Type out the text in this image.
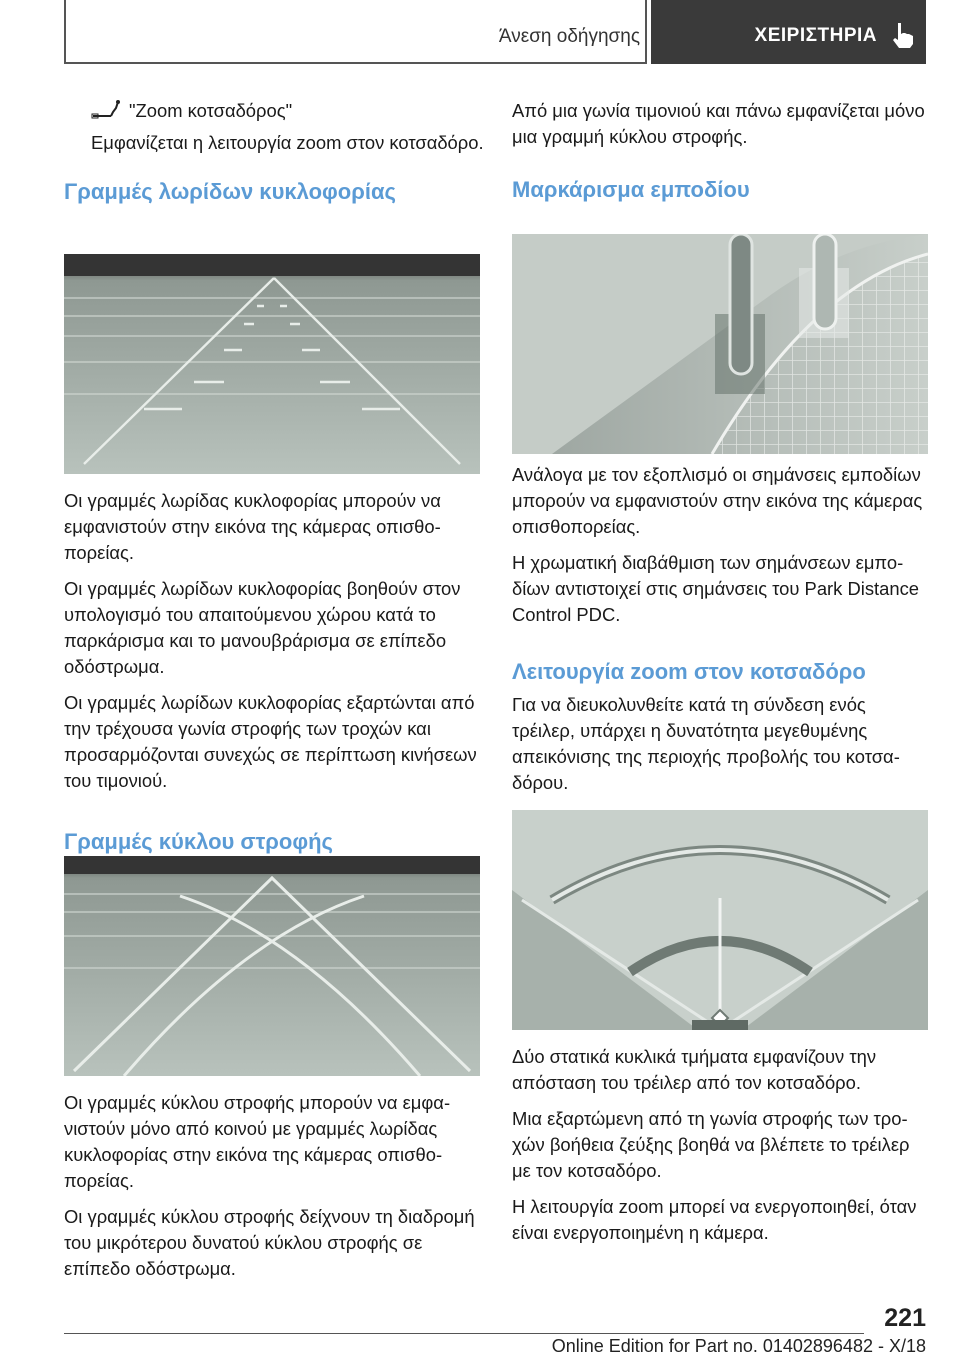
Άνεση οδήγησης	ΧΕΙΡΙΣΤΗΡΙΑ

"Zoom κοτσαδόρος"

Εμφανίζεται η λειτουργία zoom στον κοτσαδόρο.

Γραμμές λωρίδων κυκλοφορίας

Οι γραμμές λωρίδας κυκλοφορίας μπορούν να εμφανιστούν στην εικόνα της κάμερας οπισθοπορείας.

Οι γραμμές λωρίδων κυκλοφορίας βοηθούν στον υπολογισμό του απαιτούμενου χώρου κατά το παρκάρισμα και το μανουβράρισμα σε επίπεδο οδόστρωμα.

Οι γραμμές λωρίδων κυκλοφορίας εξαρτώνται από την τρέχουσα γωνία στροφής των τροχών και προσαρμόζονται συνεχώς σε περίπτωση κινήσεων του τιμονιού.

Γραμμές κύκλου στροφής

Οι γραμμές κύκλου στροφής μπορούν να εμφανιστούν μόνο από κοινού με γραμμές λωρίδας κυκλοφορίας στην εικόνα της κάμερας οπισθοπορείας.

Οι γραμμές κύκλου στροφής δείχνουν τη διαδρομή του μικρότερου δυνατού κύκλου στροφής σε επίπεδο οδόστρωμα.

Από μια γωνία τιμονιού και πάνω εμφανίζεται μόνο μια γραμμή κύκλου στροφής.

Μαρκάρισμα εμποδίου

Ανάλογα με τον εξοπλισμό οι σημάνσεις εμποδίων μπορούν να εμφανιστούν στην εικόνα της κάμερας οπισθοπορείας.

Η χρωματική διαβάθμιση των σημάνσεων εμποδίων αντιστοιχεί στις σημάνσεις του Park Distance Control PDC.

Λειτουργία zoom στον κοτσαδόρο

Για να διευκολυνθείτε κατά τη σύνδεση ενός τρέιλερ, υπάρχει η δυνατότητα μεγεθυμένης απεικόνισης της περιοχής προβολής του κοτσαδόρου.

Δύο στατικά κυκλικά τμήματα εμφανίζουν την απόσταση του τρέιλερ από τον κοτσαδόρο.

Μια εξαρτώμενη από τη γωνία στροφής των τροχών βοήθεια ζεύξης βοηθά να βλέπετε το τρέιλερ με τον κοτσαδόρο.

Η λειτουργία zoom μπορεί να ενεργοποιηθεί, όταν είναι ενεργοποιημένη η κάμερα.

221
Online Edition for Part no. 01402896482 - X/18
